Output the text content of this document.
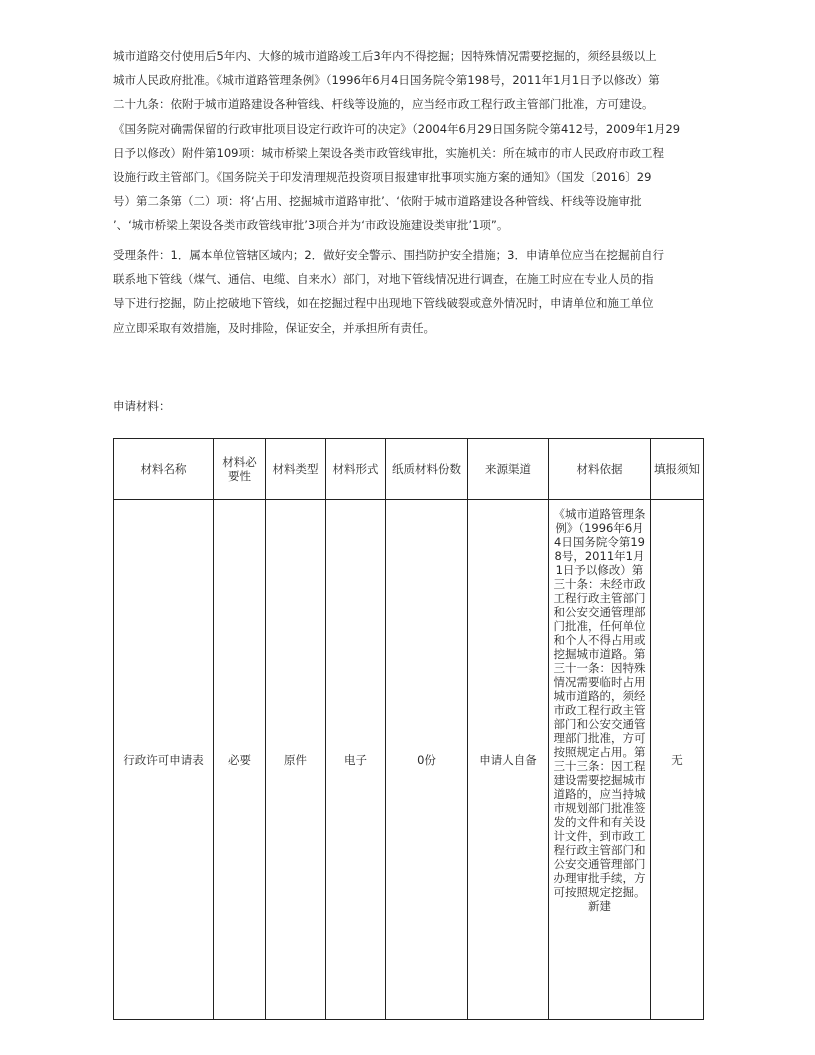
城市道路交付使用后5年内、大修的城市道路竣工后3年内不得挖掘；因特殊情况需要挖掘的，须经县级以上
城市人民政府批准。《城市道路管理条例》（1996年6月4日国务院令第198号，2011年1月1日予以修改）第
二十九条：依附于城市道路建设各种管线、杆线等设施的，应当经市政工程行政主管部门批准，方可建设。
《国务院对确需保留的行政审批项目设定行政许可的决定》（2004年6月29日国务院令第412号，2009年1月29
日予以修改）附件第109项：城市桥梁上架设各类市政管线审批，实施机关：所在城市的市人民政府市政工程
设施行政主管部门。《国务院关于印发清理规范投资项目报建审批事项实施方案的通知》（国发〔2016〕29
号）第二条第（二）项：将‘占用、挖掘城市道路审批’、‘依附于城市道路建设各种管线、杆线等设施审批
’、‘城市桥梁上架设各类市政管线审批’3项合并为‘市政设施建设类审批’1项”。
受理条件：1．属本单位管辖区域内；2．做好安全警示、围挡防护安全措施；3．申请单位应当在挖掘前自行
联系地下管线（煤气、通信、电缆、自来水）部门，对地下管线情况进行调查，在施工时应在专业人员的指
导下进行挖掘，防止挖破地下管线，如在挖掘过程中出现地下管线破裂或意外情况时，申请单位和施工单位
应立即采取有效措施，及时排险，保证安全，并承担所有责任。
申请材料：
材料名称	材料必要性	材料类型	材料形式	纸质材料份数	来源渠道	材料依据	填报须知
行政许可申请表	必要	原件	电子	0份	申请人自备	《城市道路管理条例》（1996年6月4日国务院令第198号，2011年1月1日予以修改）第三十条：未经市政工程行政主管部门和公安交通管理部门批准，任何单位和个人不得占用或挖掘城市道路。第三十一条：因特殊情况需要临时占用城市道路的，须经市政工程行政主管部门和公安交通管理部门批准，方可按照规定占用。第三十三条：因工程建设需要挖掘城市道路的，应当持城市规划部门批准签发的文件和有关设计文件，到市政工程行政主管部门和公安交通管理部门办理审批手续，方可按照规定挖掘。新建	无
